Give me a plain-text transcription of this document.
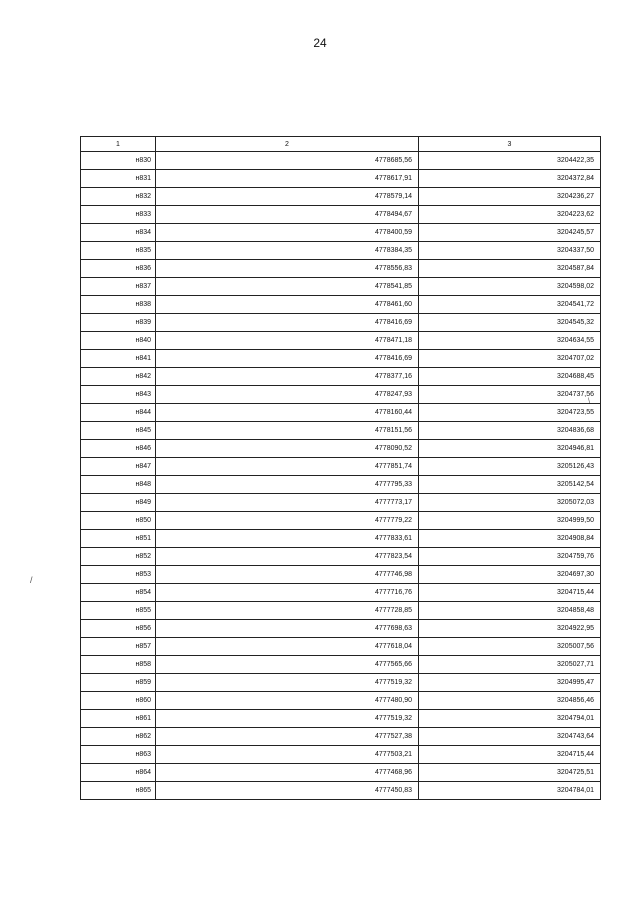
24
/
\
1	2	3
н830	4778685,56	3204422,35
н831	4778617,91	3204372,84
н832	4778579,14	3204236,27
н833	4778494,67	3204223,62
н834	4778400,59	3204245,57
н835	4778384,35	3204337,50
н836	4778556,83	3204587,84
н837	4778541,85	3204598,02
н838	4778461,60	3204541,72
н839	4778416,69	3204545,32
н840	4778471,18	3204634,55
н841	4778416,69	3204707,02
н842	4778377,16	3204688,45
н843	4778247,93	3204737,56
н844	4778160,44	3204723,55
н845	4778151,56	3204836,68
н846	4778090,52	3204946,81
н847	4777851,74	3205126,43
н848	4777795,33	3205142,54
н849	4777773,17	3205072,03
н850	4777779,22	3204999,50
н851	4777833,61	3204908,84
н852	4777823,54	3204759,76
н853	4777746,98	3204697,30
н854	4777716,76	3204715,44
н855	4777728,85	3204858,48
н856	4777698,63	3204922,95
н857	4777618,04	3205007,56
н858	4777565,66	3205027,71
н859	4777519,32	3204995,47
н860	4777480,90	3204856,46
н861	4777519,32	3204794,01
н862	4777527,38	3204743,64
н863	4777503,21	3204715,44
н864	4777468,96	3204725,51
н865	4777450,83	3204784,01
